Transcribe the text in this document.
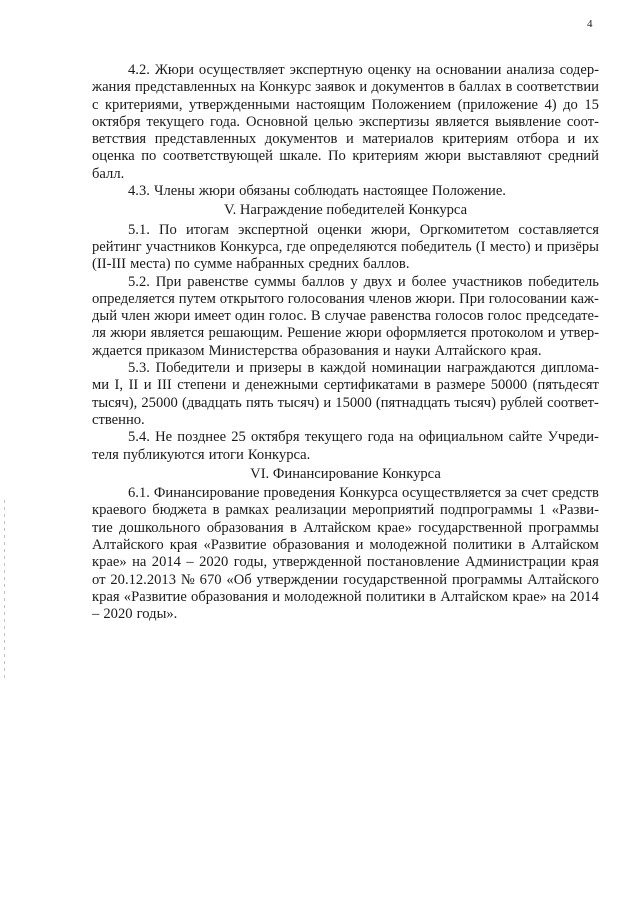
4
4.2. Жюри осуществляет экспертную оценку на основании анализа содер-
жания представленных на Конкурс заявок и документов в баллах в соответствии
с критериями, утвержденными настоящим Положением (приложение 4) до 15
октября текущего года. Основной целью экспертизы является выявление соот-
ветствия представленных документов и материалов критериям отбора и их
оценка по соответствующей шкале. По критериям жюри выставляют средний
балл.
4.3. Члены жюри обязаны соблюдать настоящее Положение.
V. Награждение победителей Конкурса
5.1. По итогам экспертной оценки жюри, Оргкомитетом составляется
рейтинг участников Конкурса, где определяются победитель (I место) и призёры
(II-III места) по сумме набранных средних баллов.
5.2. При равенстве суммы баллов у двух и более участников победитель
определяется путем открытого голосования членов жюри. При голосовании каж-
дый член жюри имеет один голос. В случае равенства голосов голос председате-
ля жюри является решающим. Решение жюри оформляется протоколом и утвер-
ждается приказом Министерства образования и науки Алтайского края.
5.3. Победители и призеры в каждой номинации награждаются диплома-
ми I, II и III степени и денежными сертификатами в размере 50000 (пятьдесят
тысяч), 25000 (двадцать пять тысяч) и 15000 (пятнадцать тысяч) рублей соответ-
ственно.
5.4. Не позднее 25 октября текущего года на официальном сайте Учреди-
теля публикуются итоги Конкурса.
VI. Финансирование Конкурса
6.1. Финансирование проведения Конкурса осуществляется за счет средств
краевого бюджета в рамках реализации мероприятий подпрограммы 1 «Разви-
тие дошкольного образования в Алтайском крае» государственной программы
Алтайского края «Развитие образования и молодежной политики в Алтайском
крае» на 2014 – 2020 годы, утвержденной постановление Администрации края
от 20.12.2013 № 670 «Об утверждении государственной программы Алтайского
края «Развитие образования и молодежной политики в Алтайском крае» на 2014
– 2020 годы».
